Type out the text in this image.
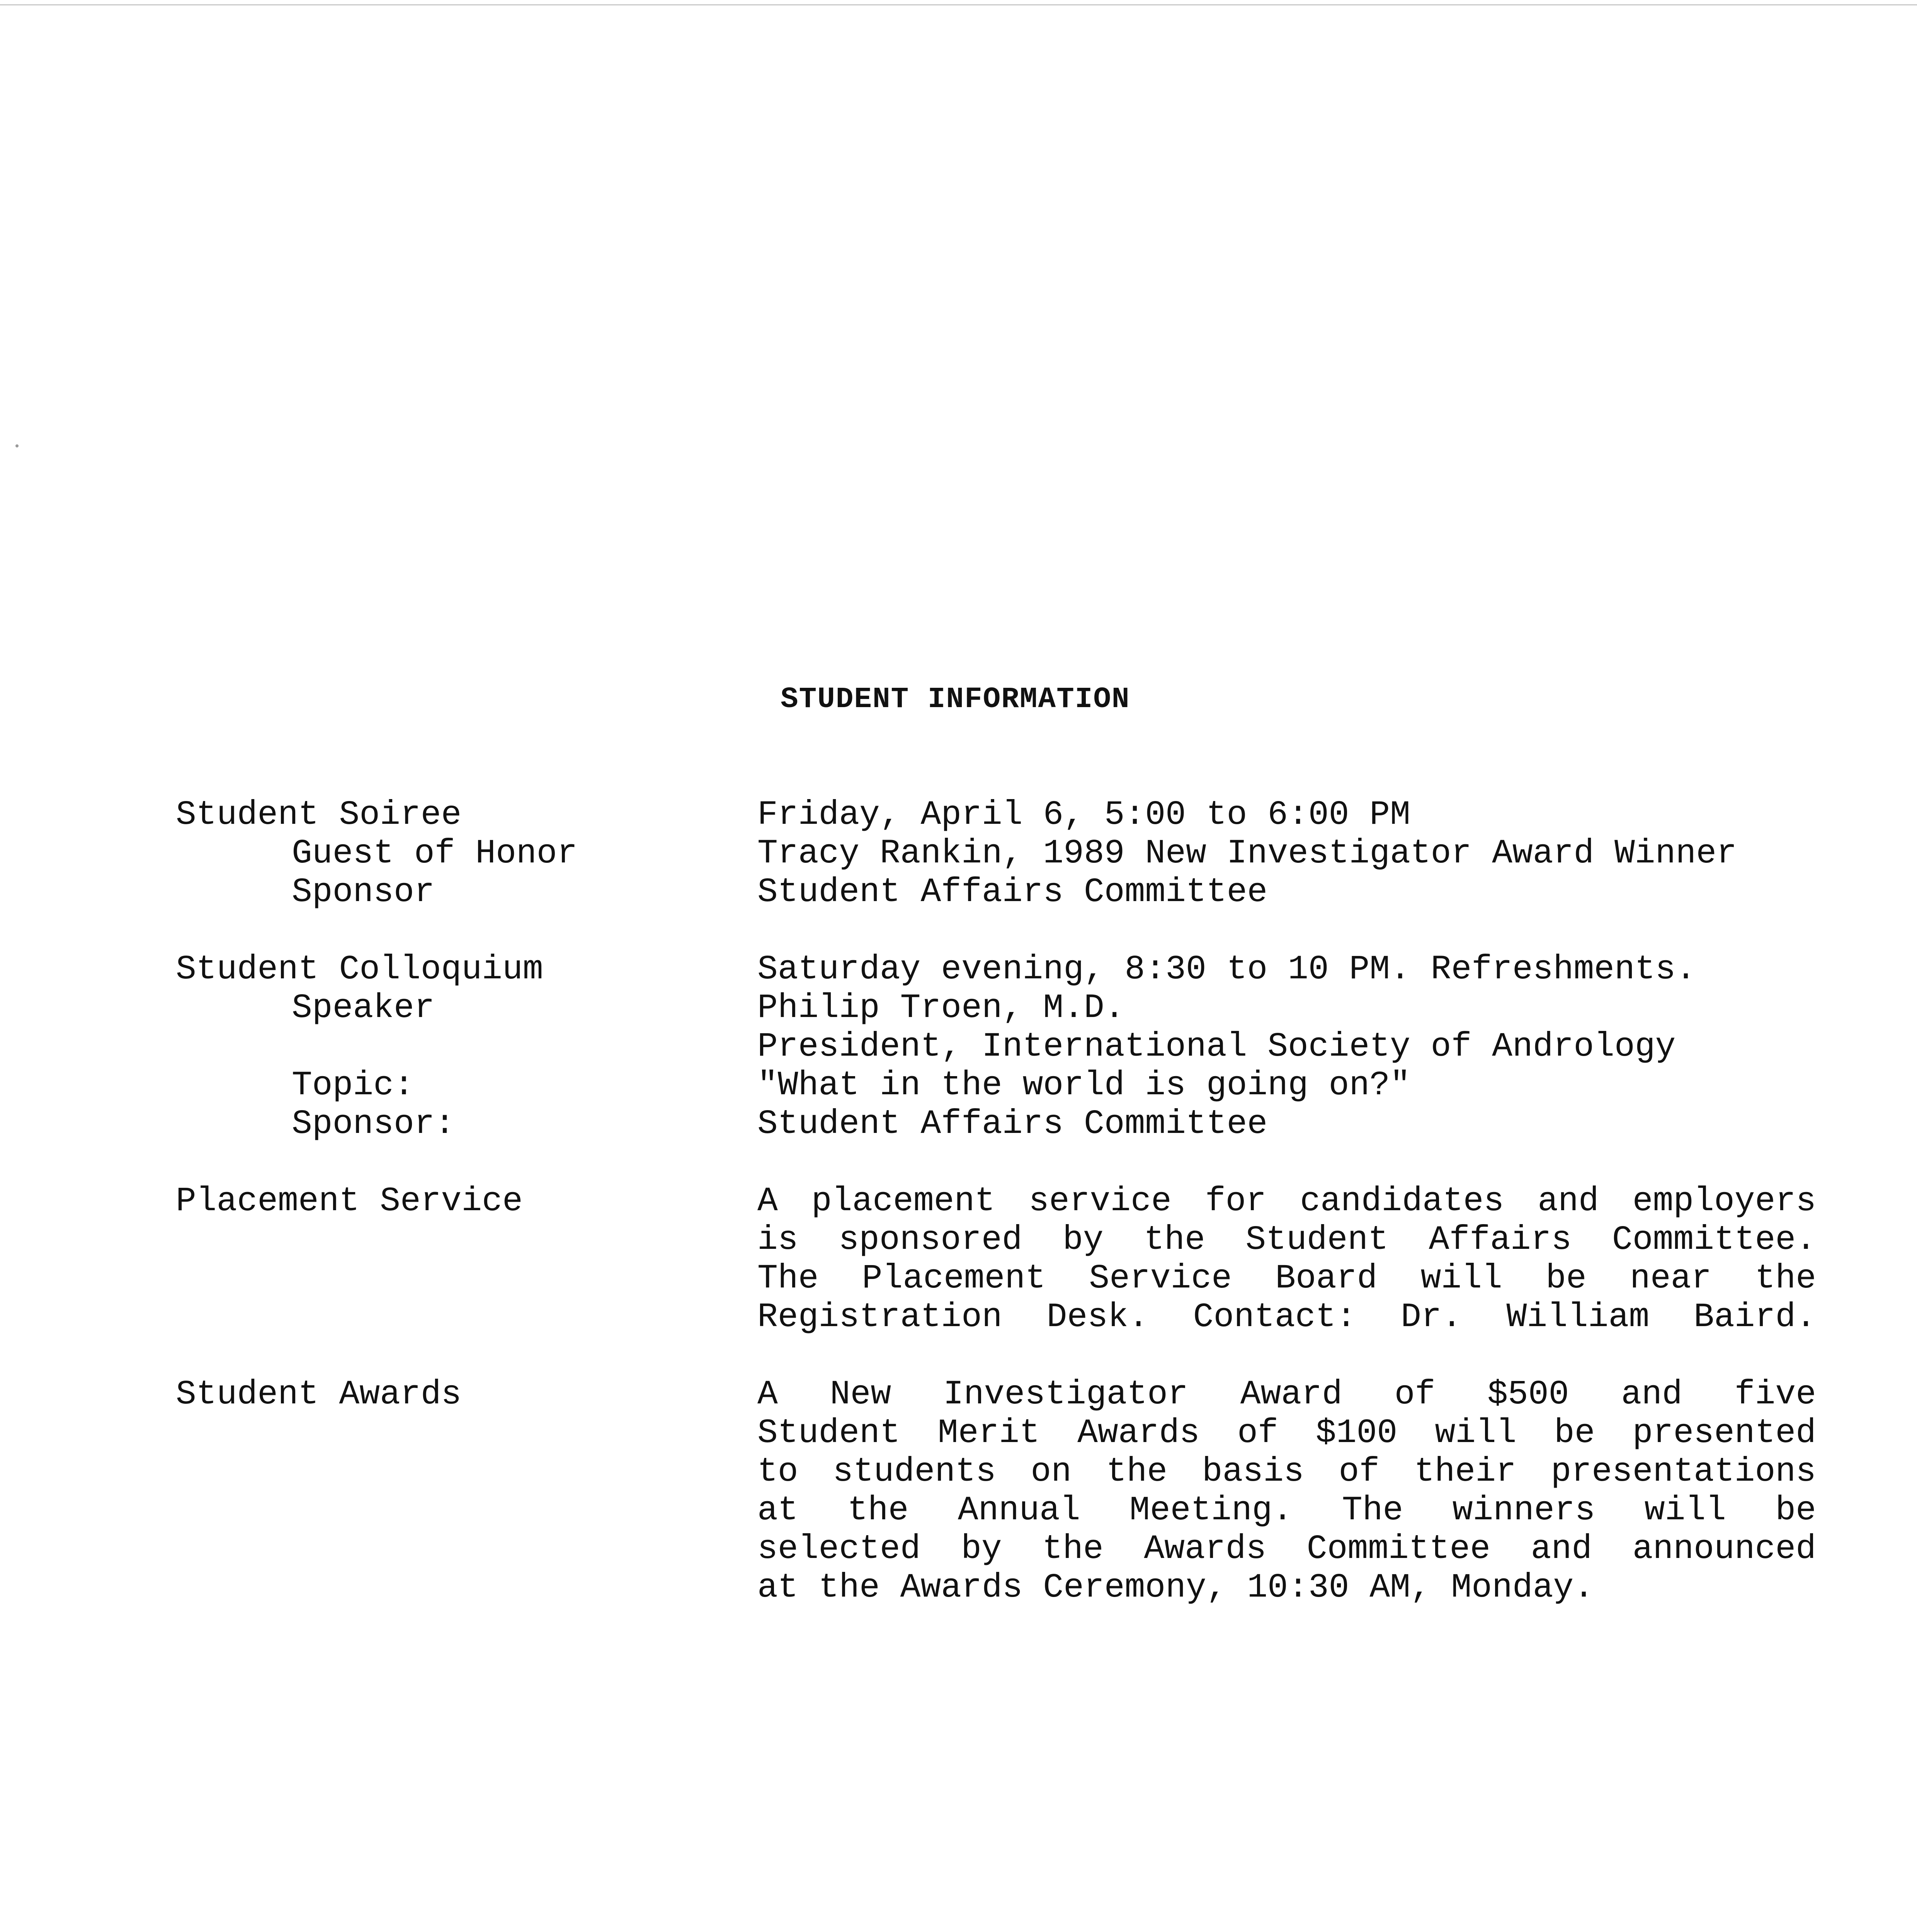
STUDENT INFORMATION
Student Soiree
Guest of Honor
Sponsor
Friday, April 6, 5:00 to 6:00 PM
Tracy Rankin, 1989 New Investigator Award Winner
Student Affairs Committee
Student Colloquium
Speaker
Topic:
Sponsor:
Saturday evening, 8:30 to 10 PM. Refreshments.
Philip Troen, M.D.
President, International Society of Andrology
"What in the world is going on?"
Student Affairs Committee
Placement Service	A placement service for candidates and employers
is sponsored by the Student Affairs Committee.
The Placement Service Board will be near the
Registration Desk. Contact: Dr. William Baird.
Student Awards	A New Investigator Award of $500 and five
Student Merit Awards of $100 will be presented
to students on the basis of their presentations
at the Annual Meeting. The winners will be
selected by the Awards Committee and announced
at the Awards Ceremony, 10:30 AM, Monday.
